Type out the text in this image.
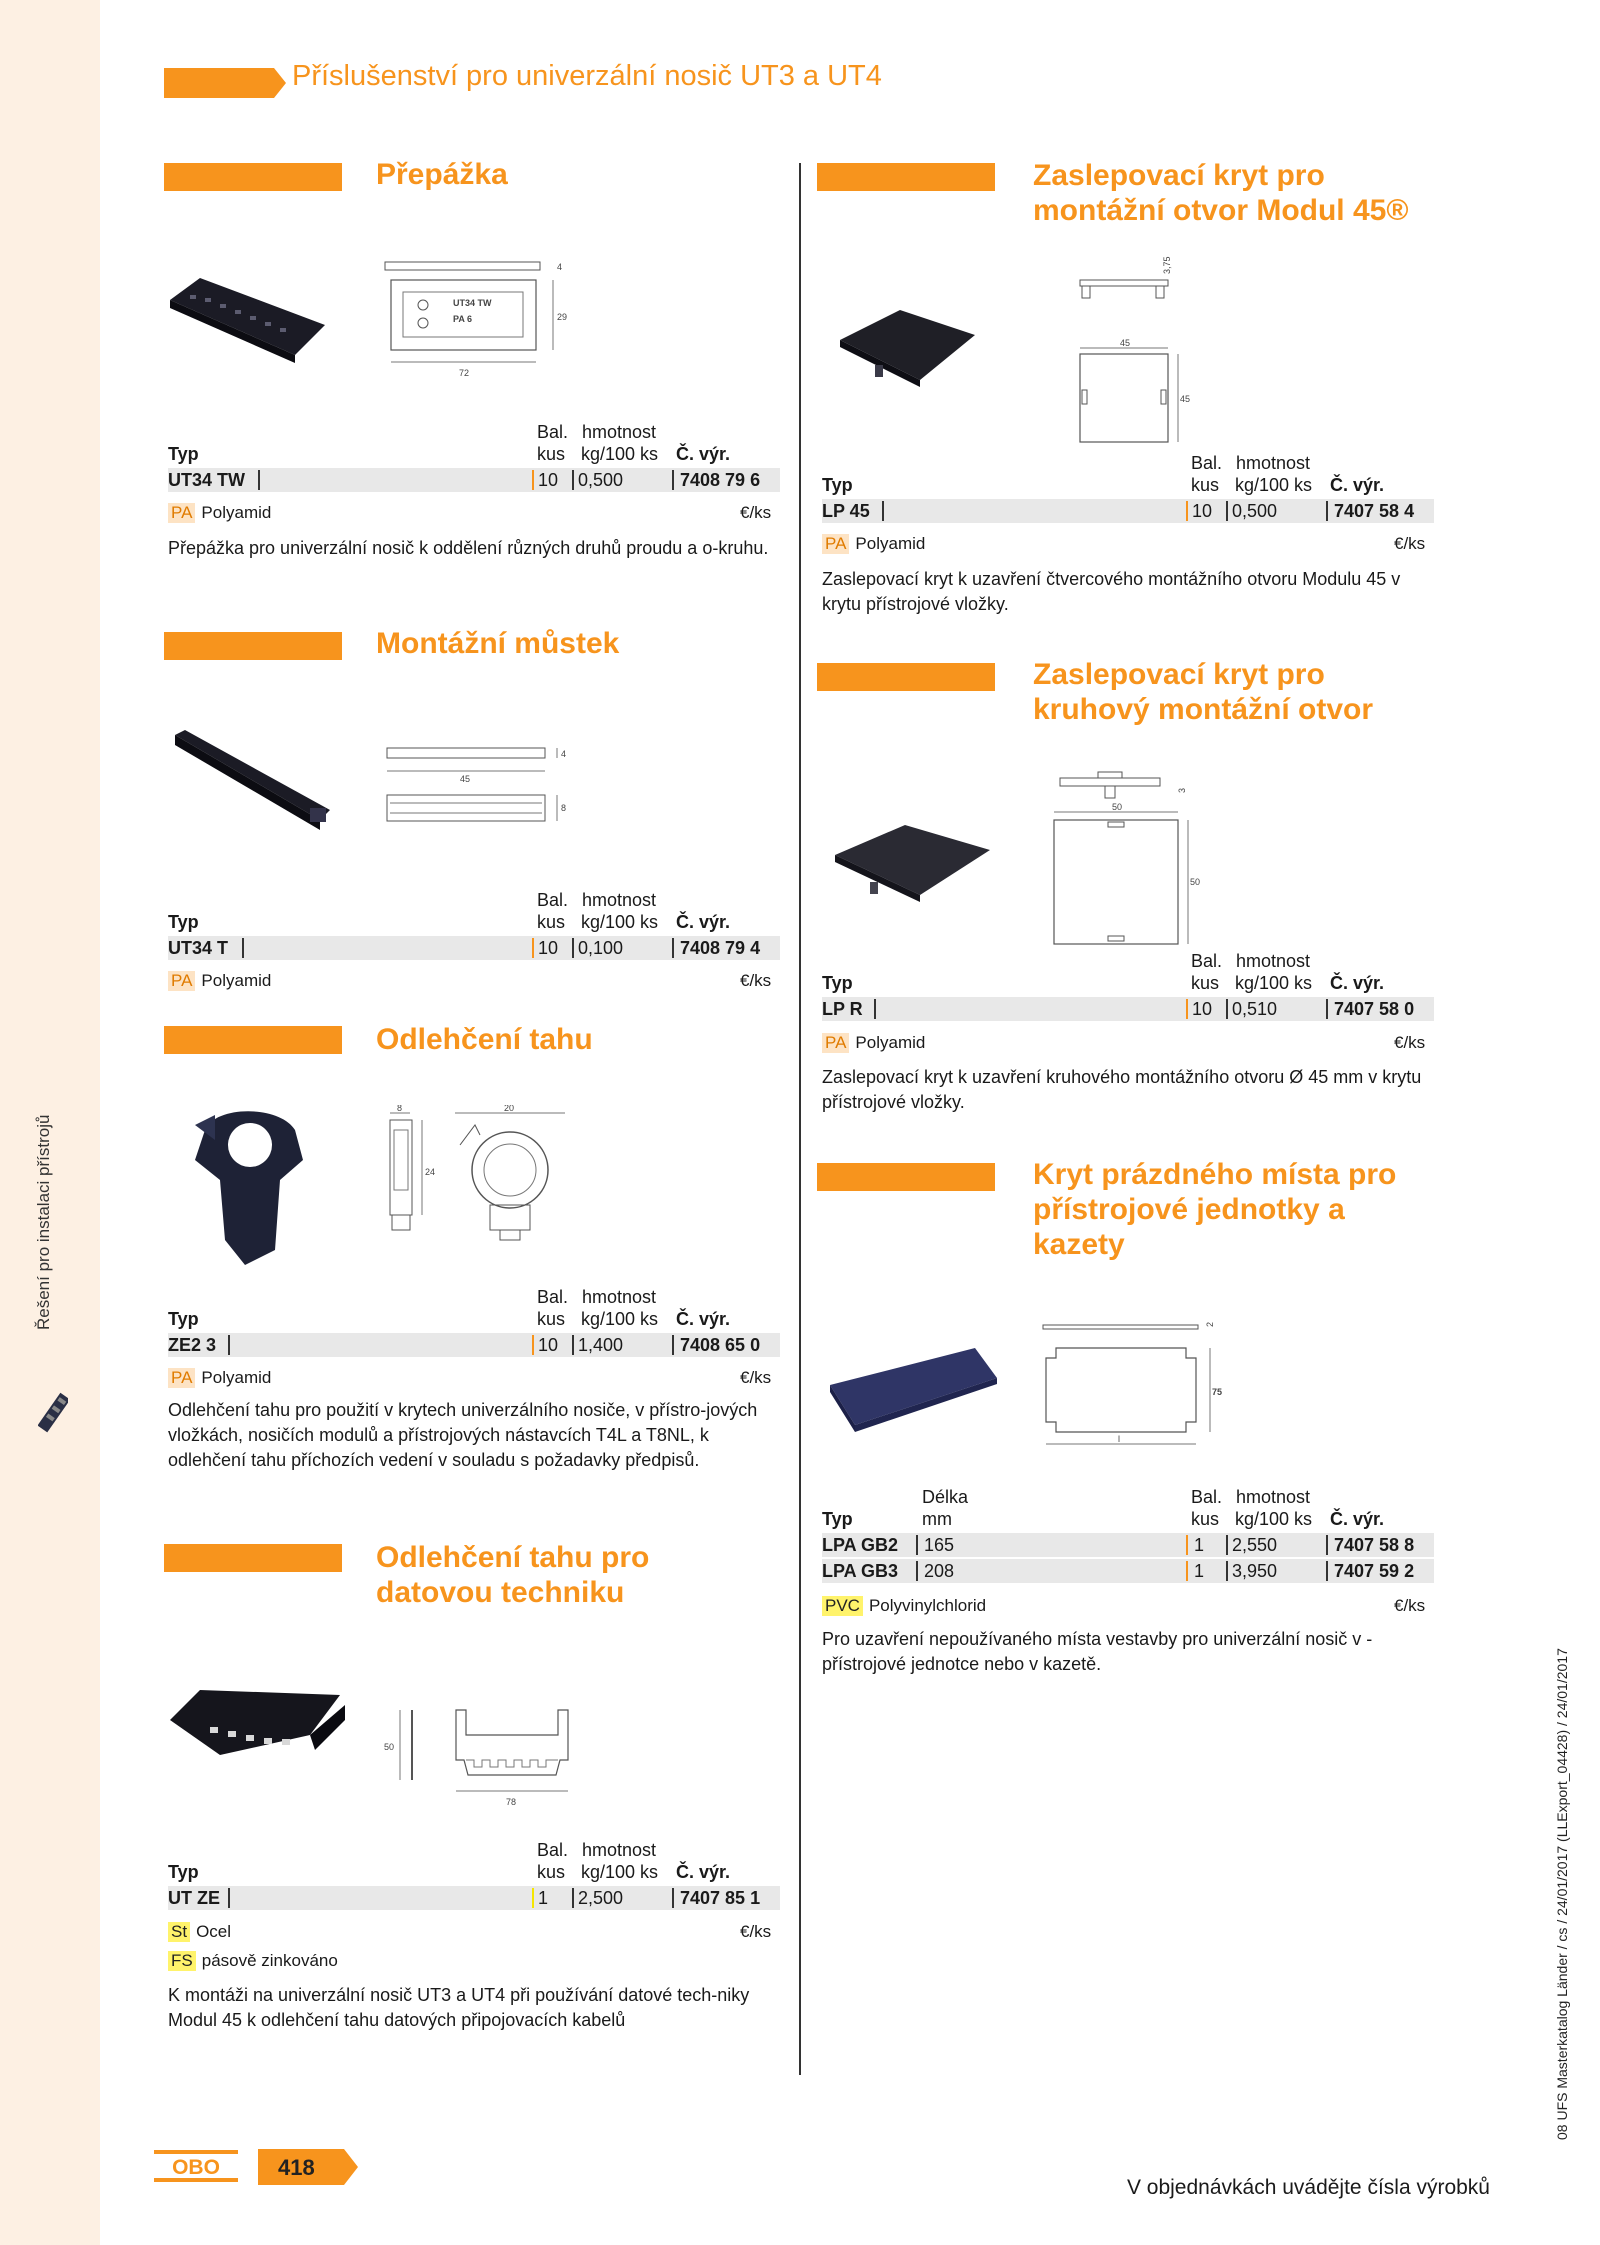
Řešení pro instalaci přístrojů
Příslušenství pro univerzální nosič UT3 a UT4
Přepážka
UT34 TW
PA 6
72
29
4
Bal. hmotnost
Typ	kus kg/100 ks Č. výr.
UT34 TW	10 0,500	7408 79 6
PA Polyamid	€/ks
Přepážka pro univerzální nosič k oddělení různých druhů proudu a o-kruhu.
Montážní můstek
45
4
8
Bal. hmotnost
Typ	kus kg/100 ks Č. výr.
UT34 T	10 0,100	7408 79 4
PA Polyamid	€/ks
Odlehčení tahu
8
24
20
Bal. hmotnost
Typ	kus kg/100 ks Č. výr.
ZE2 3	10 1,400	7408 65 0
PA Polyamid	€/ks
Odlehčení tahu pro použití v krytech univerzálního nosiče, v přístro-jových vložkách, nosičích modulů a přístrojových nástavcích T4L a T8NL, k odlehčení tahu příchozích vedení v souladu s požadavky předpisů.
Odlehčení tahu pro
datovou techniku
50
78
Bal. hmotnost
Typ	kus kg/100 ks Č. výr.
UT ZE	1 2,500	7407 85 1
St Ocel	€/ks
FS pásově zinkováno
K montáži na univerzální nosič UT3 a UT4 při používání datové tech-niky Modul 45 k odlehčení tahu datových připojovacích kabelů
Zaslepovací kryt pro
montážní otvor Modul 45®
3,75
45
45
Bal. hmotnost
Typ	kus kg/100 ks Č. výr.
LP 45	10 0,500	7407 58 4
PA Polyamid	€/ks
Zaslepovací kryt k uzavření čtvercového montážního otvoru Modulu 45 v krytu přístrojové vložky.
Zaslepovací kryt pro
kruhový montážní otvor
3
50
50
Bal. hmotnost
Typ	kus kg/100 ks Č. výr.
LP R	10 0,510	7407 58 0
PA Polyamid	€/ks
Zaslepovací kryt k uzavření kruhového montážního otvoru Ø 45 mm v krytu přístrojové vložky.
Kryt prázdného místa pro
přístrojové jednotky a
kazety
2
75
l
Délka	Bal. hmotnost
Typ	mm	kus kg/100 ks Č. výr.
LPA GB2 165	1 2,550	7407 58 8
LPA GB3 208	1 3,950	7407 59 2
PVC Polyvinylchlorid	€/ks
Pro uzavření nepoužívaného místa vestavby pro univerzální nosič v -přístrojové jednotce nebo v kazetě.
OBO	418
V objednávkách uvádějte čísla výrobků
08 UFS Masterkatalog Länder / cs / 24/01/2017 (LLExport_04428) / 24/01/2017
